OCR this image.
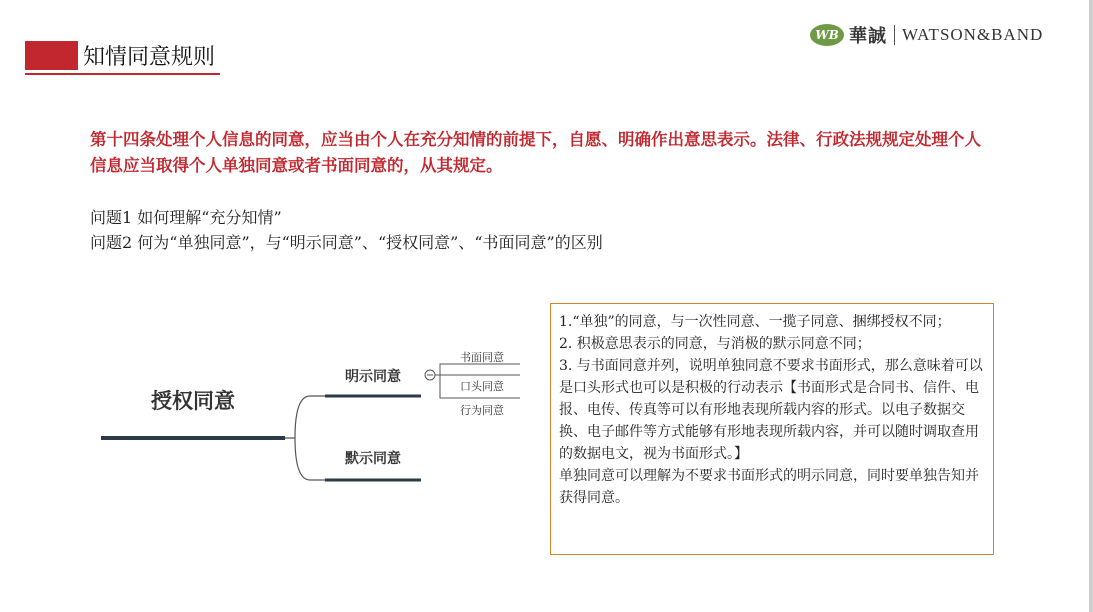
知情同意规则
WB 華誠 WATSON&BAND
第十四条处理个人信息的同意，应当由个人在充分知情的前提下，自愿、明确作出意思表示。法律、行政法规规定处理个人信息应当取得个人单独同意或者书面同意的，从其规定。
问题1 如何理解“充分知情”
问题2 何为“单独同意”，与“明示同意”、“授权同意”、“书面同意”的区别
授权同意
明示同意
书面同意
口头同意
行为同意
默示同意

1.“单独”的同意，与一次性同意、一揽子同意、捆绑授权不同；

2. 积极意思表示的同意，与消极的默示同意不同；

3. 与书面同意并列，说明单独同意不要求书面形式，那么意味着可以是口头形式也可以是积极的行动表示【书面形式是合同书、信件、电报、电传、传真等可以有形地表现所载内容的形式。以电子数据交换、电子邮件等方式能够有形地表现所载内容，并可以随时调取查用的数据电文，视为书面形式。】

单独同意可以理解为不要求书面形式的明示同意，同时要单独告知并获得同意。
